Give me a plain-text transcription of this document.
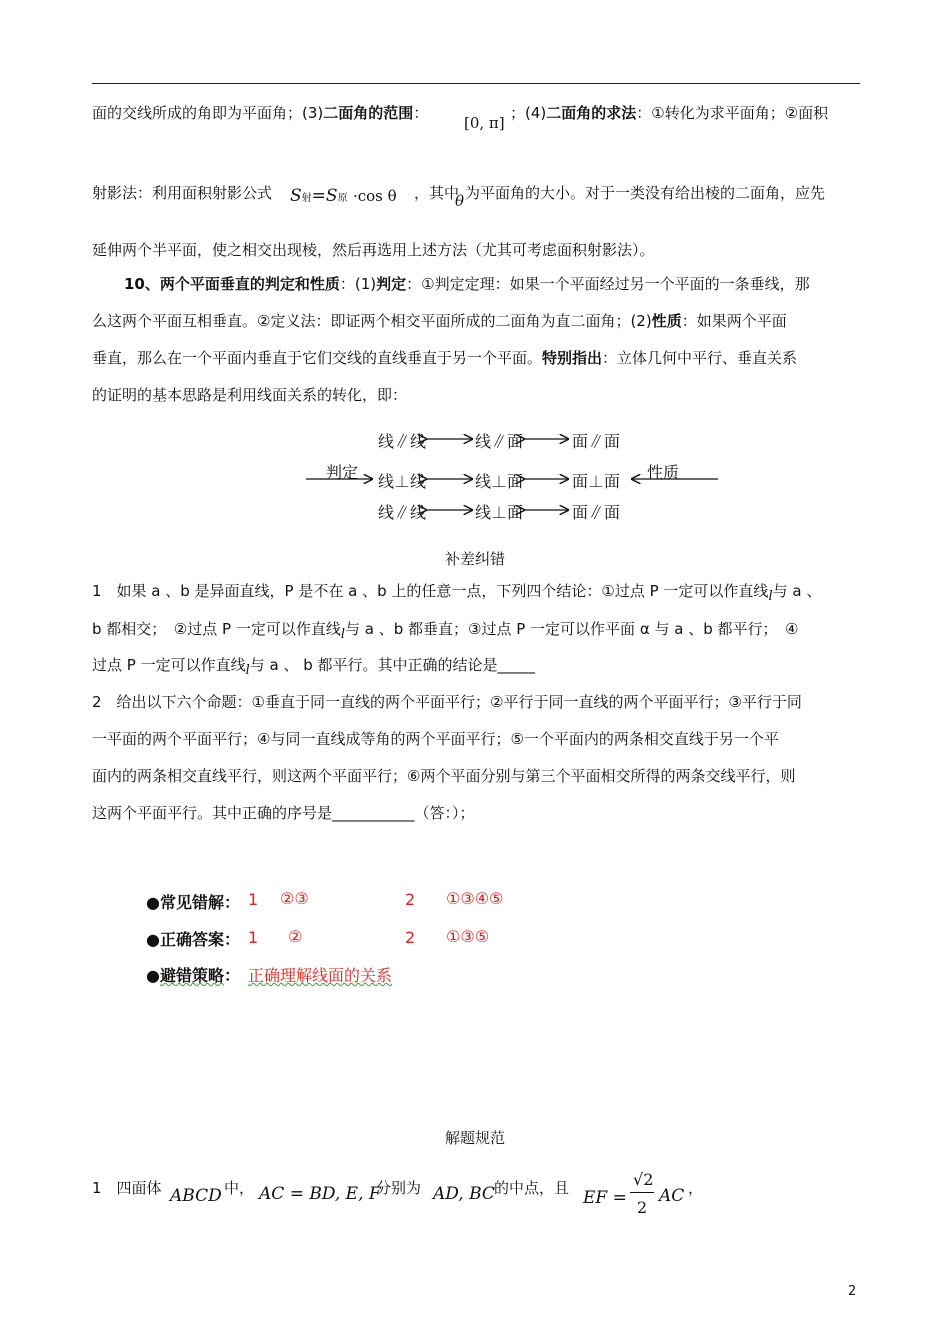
面的交线所成的角即为平面角；(3)二面角的范围：
[0, π]
；(4)二面角的求法：①转化为求平面角；②面积
射影法：利用面积射影公式 S射=S原 ·cos θ ，其中
θ 为平面角的大小。对于一类没有给出棱的二面角，应先
延伸两个半平面，使之相交出现棱，然后再选用上述方法（尤其可考虑面积射影法）。
10、两个平面垂直的判定和性质：(1)判定：①判定定理：如果一个平面经过另一个平面的一条垂线，那
么这两个平面互相垂直。②定义法：即证两个相交平面所成的二面角为直二面角；(2)性质：如果两个平面
垂直，那么在一个平面内垂直于它们交线的直线垂直于另一个平面。特别指出：立体几何中平行、垂直关系
的证明的基本思路是利用线面关系的转化，即：
线∥线	线∥面	面∥面
线⊥线	线⊥面	面⊥面
线∥线	线⊥面	面∥面
判定	性质
补差纠错
1　如果 a 、b 是异面直线，P 是不在 a 、b 上的任意一点，下列四个结论：①过点 P 一定可以作直线l与 a 、
b 都相交；　②过点 P 一定可以作直线l与 a 、b 都垂直；③过点 P 一定可以作平面 α 与 a 、b 都平行；　④
过点 P 一定可以作直线l与 a 、 b 都平行。其中正确的结论是_____
2　给出以下六个命题：①垂直于同一直线的两个平面平行；②平行于同一直线的两个平面平行；③平行于同
一平面的两个平面平行；④与同一直线成等角的两个平面平行；⑤一个平面内的两条相交直线于另一个平
面内的两条相交直线平行，则这两个平面平行；⑥两个平面分别与第三个平面相交所得的两条交线平行，则
这两个平面平行。其中正确的序号是___________（答：）；
●常见错解： 1 ②③	2 ①③④⑤
●正确答案： 1 ②	2 ①③⑤
●避错策略： 正确理解线面的关系
解题规范
1　四面体 ABCD 中， AC = BD, E, F
分别为 AD, BC 的中点，且 EF =
√2
2
AC ，
2
